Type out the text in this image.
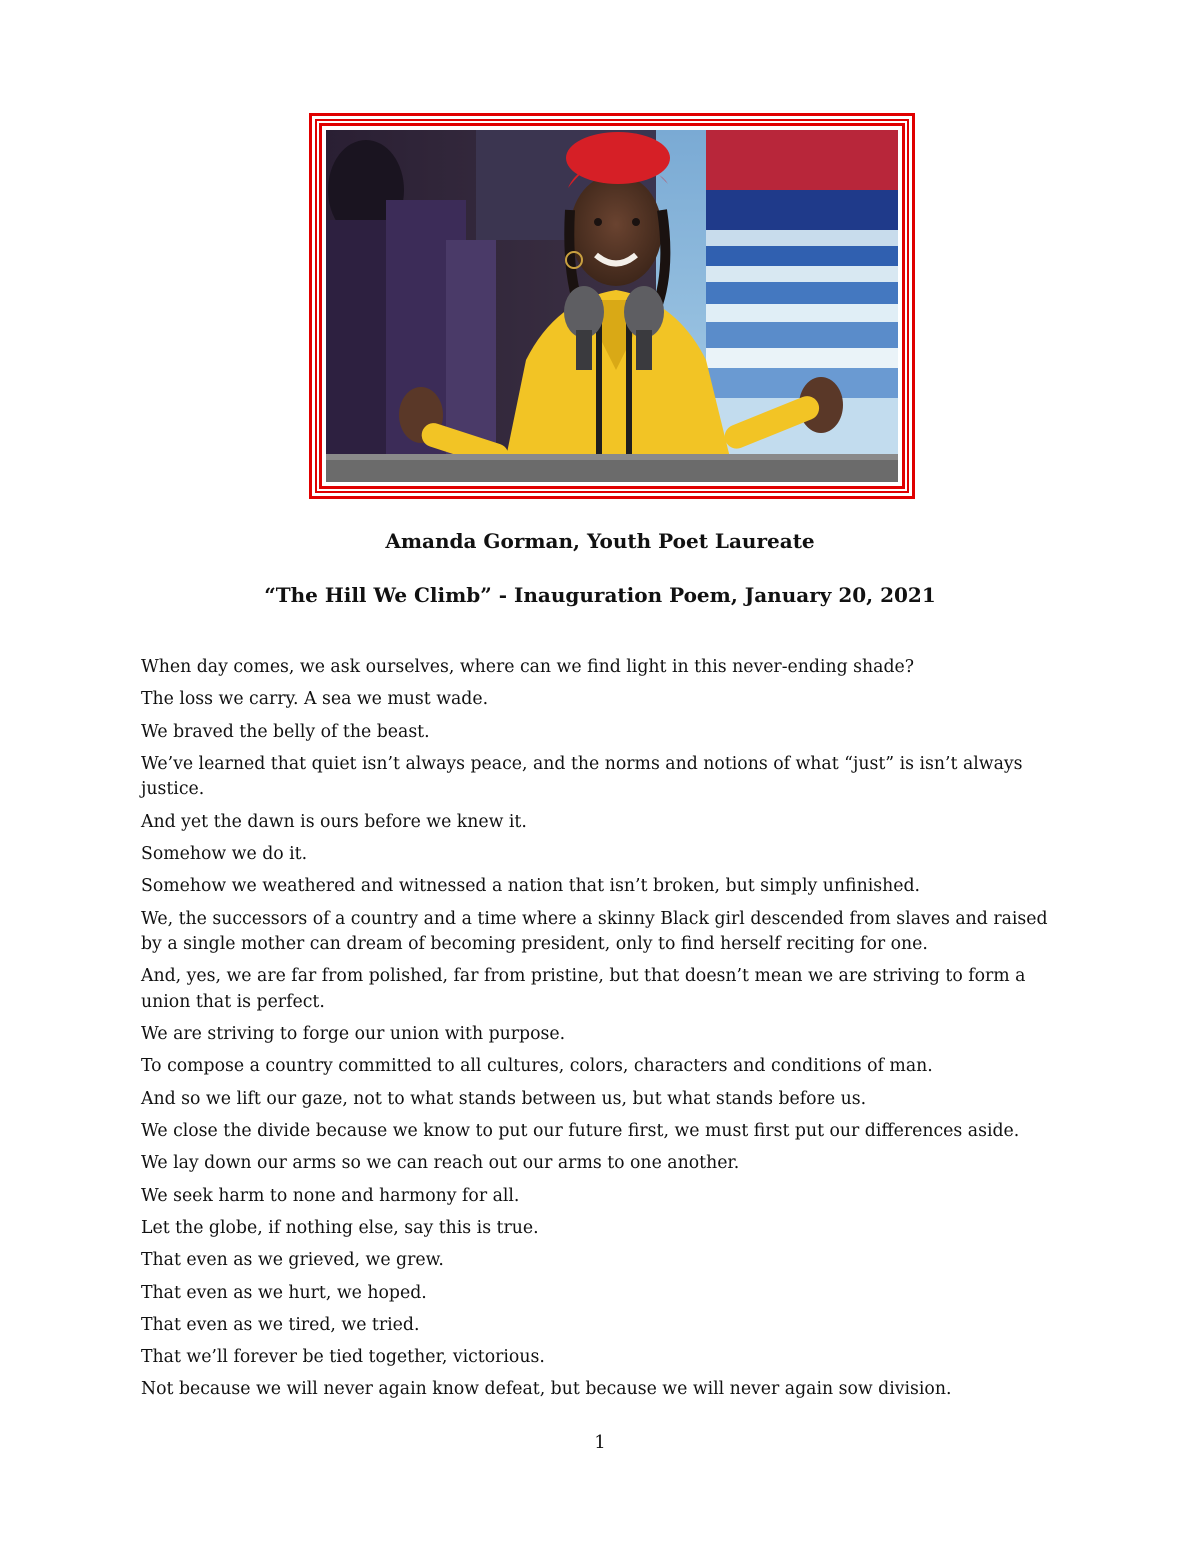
Amanda Gorman, Youth Poet Laureate
“The Hill We Climb” - Inauguration Poem, January 20, 2021
When day comes, we ask ourselves, where can we find light in this never-ending shade?
The loss we carry. A sea we must wade.
We braved the belly of the beast.
We’ve learned that quiet isn’t always peace, and the norms and notions of what “just” is isn’t always justice.
And yet the dawn is ours before we knew it.
Somehow we do it.
Somehow we weathered and witnessed a nation that isn’t broken, but simply unfinished.
We, the successors of a country and a time where a skinny Black girl descended from slaves and raised by a single mother can dream of becoming president, only to find herself reciting for one.
And, yes, we are far from polished, far from pristine, but that doesn’t mean we are striving to form a union that is perfect.
We are striving to forge our union with purpose.
To compose a country committed to all cultures, colors, characters and conditions of man.
And so we lift our gaze, not to what stands between us, but what stands before us.
We close the divide because we know to put our future first, we must first put our differences aside.
We lay down our arms so we can reach out our arms to one another.
We seek harm to none and harmony for all.
Let the globe, if nothing else, say this is true.
That even as we grieved, we grew.
That even as we hurt, we hoped.
That even as we tired, we tried.
That we’ll forever be tied together, victorious.
Not because we will never again know defeat, but because we will never again sow division.
1
